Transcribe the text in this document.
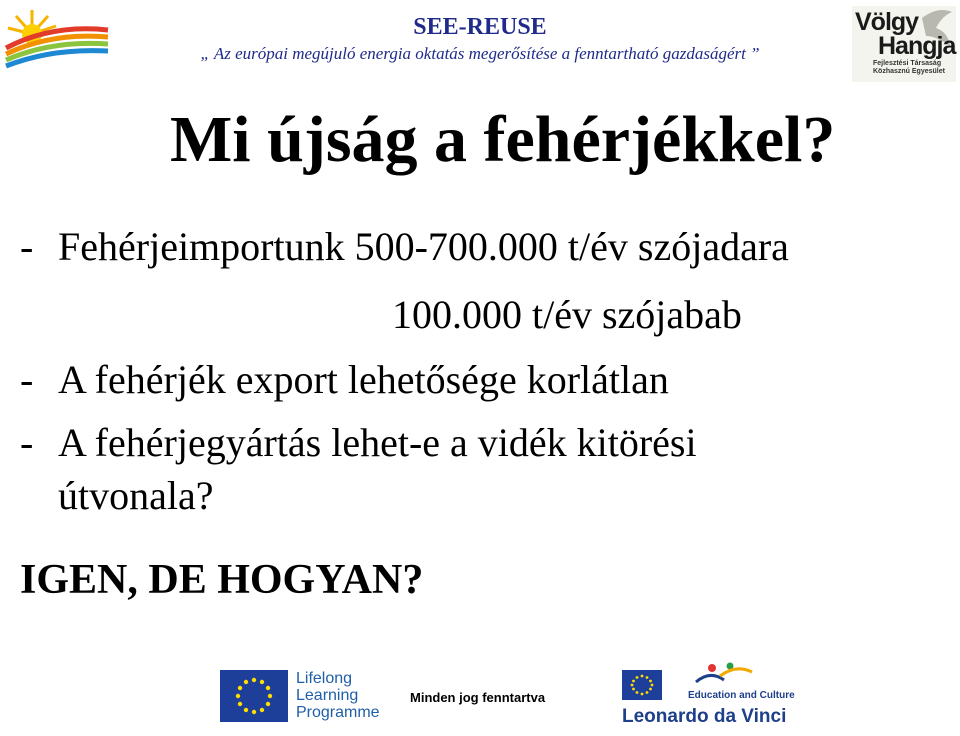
SEE-REUSE
„ Az európai megújuló energia oktatás megerősítése a fenntartható gazdaságért ”
Völgy
Hangja
Fejlesztési Társaság
Közhasznú Egyesület
Mi újság a fehérjékkel?
- Fehérjeimportunk 500-700.000 t/év szójadara
100.000 t/év szójabab
- A fehérjék export lehetősége korlátlan
- A fehérjegyártás lehet-e a vidék kitörési
útvonala?
IGEN, DE HOGYAN?
Lifelong
Learning
Programme
Minden jog fenntartva	Education and Culture
Leonardo da Vinci
